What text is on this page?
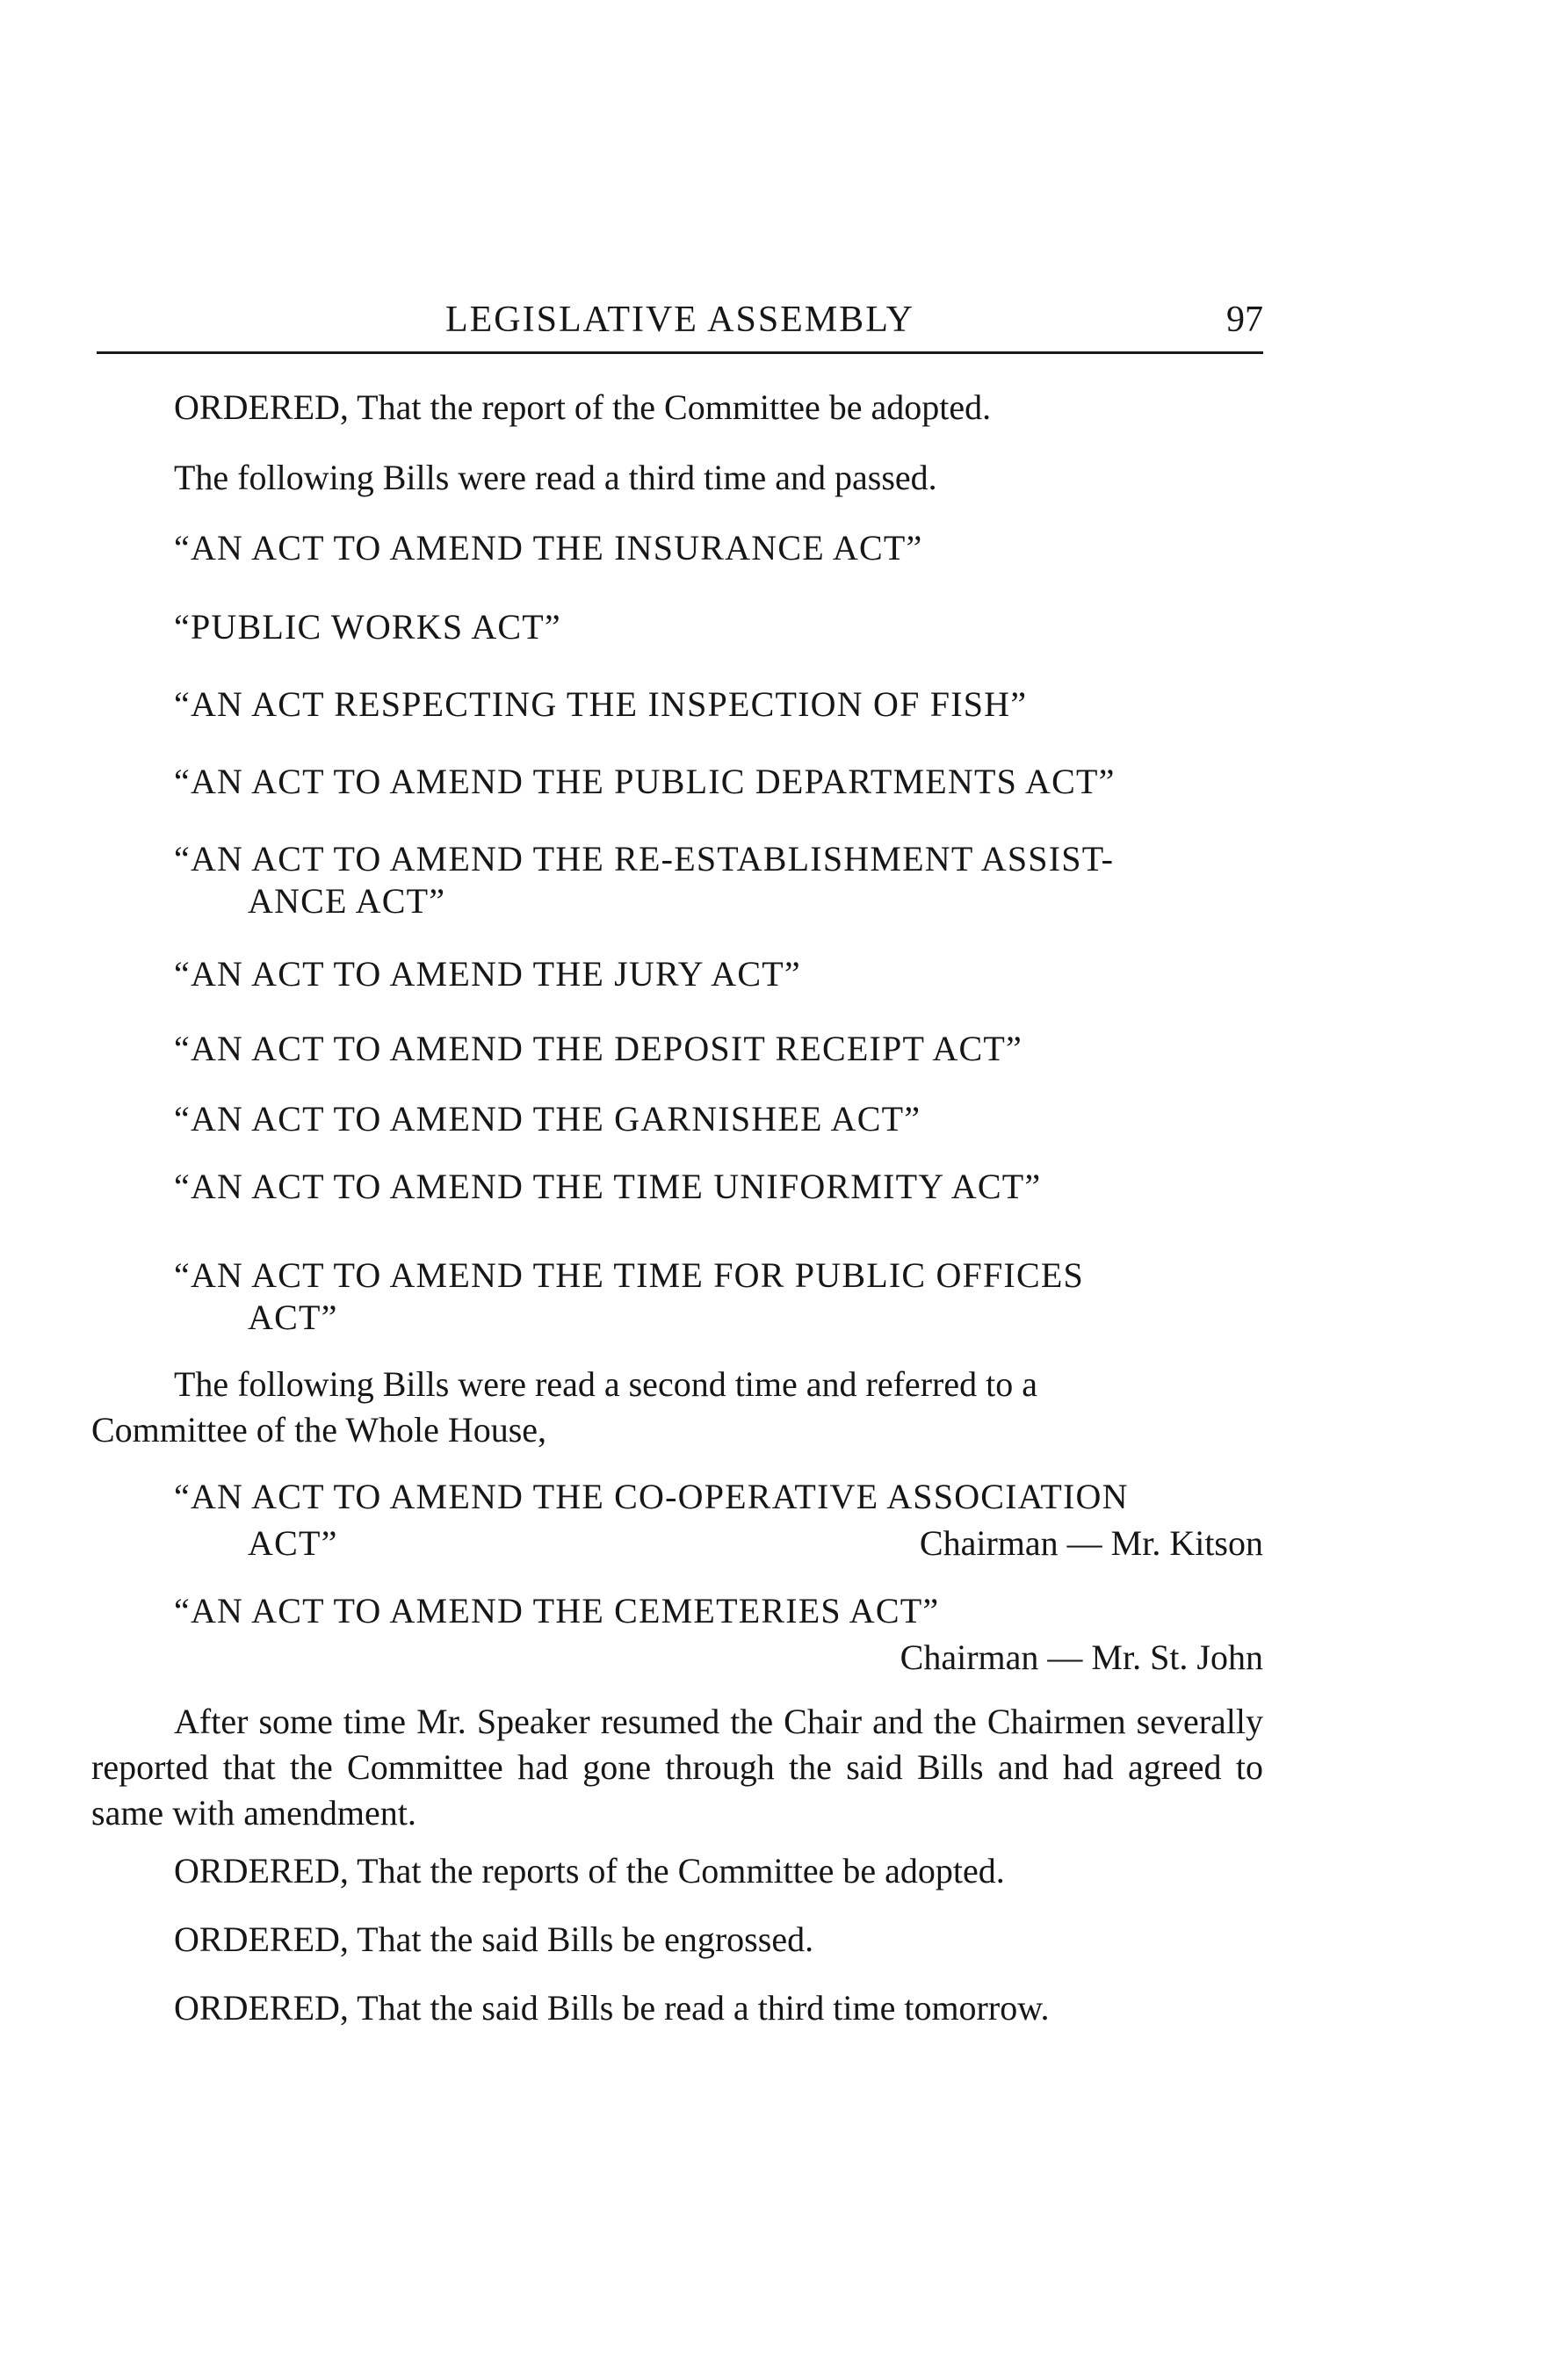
LEGISLATIVE ASSEMBLY	97
ORDERED, That the report of the Committee be adopted.
The following Bills were read a third time and passed.
“AN ACT TO AMEND THE INSURANCE ACT”
“PUBLIC WORKS ACT”
“AN ACT RESPECTING THE INSPECTION OF FISH”
“AN ACT TO AMEND THE PUBLIC DEPARTMENTS ACT”
“AN ACT TO AMEND THE RE-ESTABLISHMENT ASSIST-
ANCE ACT”
“AN ACT TO AMEND THE JURY ACT”
“AN ACT TO AMEND THE DEPOSIT RECEIPT ACT”
“AN ACT TO AMEND THE GARNISHEE ACT”
“AN ACT TO AMEND THE TIME UNIFORMITY ACT”
“AN ACT TO AMEND THE TIME FOR PUBLIC OFFICES
ACT”
The following Bills were read a second time and referred to a
Committee of the Whole House,
“AN ACT TO AMEND THE CO-OPERATIVE ASSOCIATION
ACT”	Chairman — Mr. Kitson
“AN ACT TO AMEND THE CEMETERIES ACT”
Chairman — Mr. St. John
After some time Mr. Speaker resumed the Chair and the Chairmen severally reported that the Committee had gone through the said Bills and had agreed to same with amendment.
ORDERED, That the reports of the Committee be adopted.
ORDERED, That the said Bills be engrossed.
ORDERED, That the said Bills be read a third time tomorrow.
